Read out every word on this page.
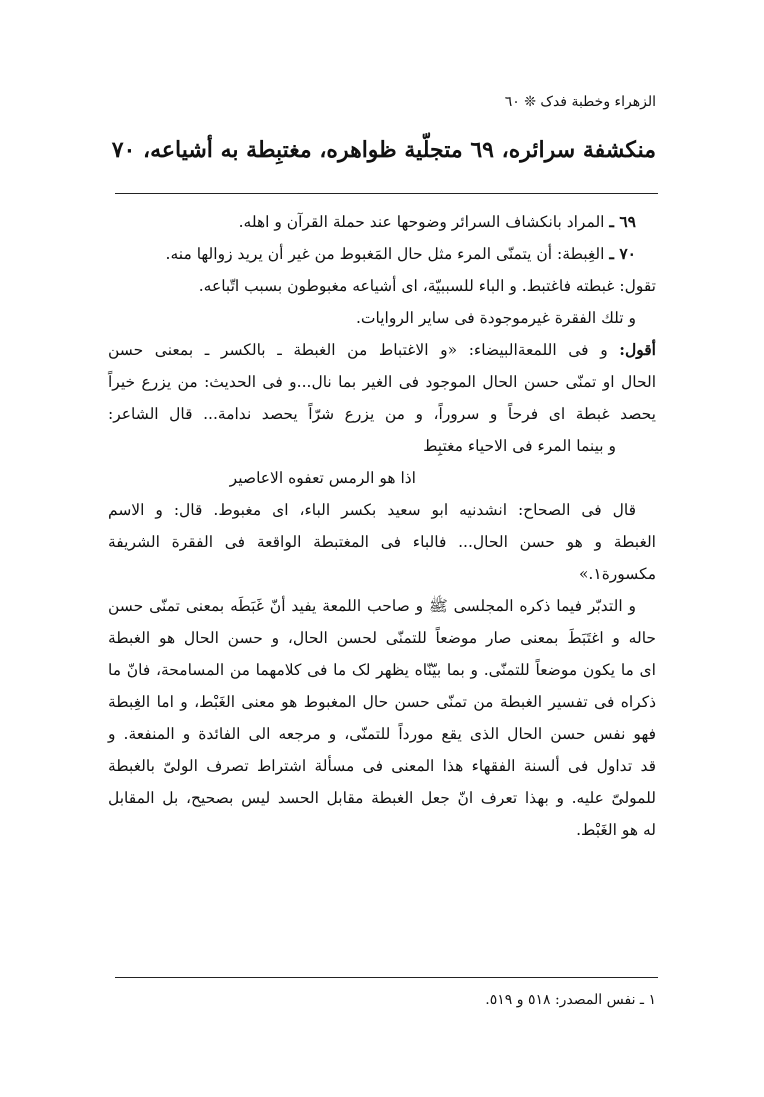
الزهراء وخطبة فدک ❊ ٦٠
منكشفة سرائره، ٦٩ متجلّية ظواهره، مغتبِطة به أشياعه، ٧٠

٦٩ ـ المراد بانكشاف السرائر وضوحها عند حملة القرآن و اهله.

٧٠ ـ الغِبطة: أن يتمنّى المرء مثل حال المَغبوط من غير أن يريد زوالها منه.

تقول: غبطته فاغتبط. و الباء للسببيّة، اى أشياعه مغبوطون بسبب اتّباعه.

و تلك الفقرة غيرموجودة فى ساير الروايات.

أقول: و فى اللمعةالبيضاء: «و الاغتباط من الغبطة ـ بالكسر ـ بمعنى حسن

الحال او تمنّى حسن الحال الموجود فى الغير بما نال...و فى الحديث: من يزرع خيراً

يحصد غبطة اى فرحاً و سروراً، و من يزرع شرّاً يحصد ندامة... قال الشاعر:

و بينما المرء فى الاحياء مغتبِط

اذا هو الرمس تعفوه الاعاصير

قال فى الصحاح: انشدنيه ابو سعيد بكسر الباء، اى مغبوط. قال: و الاسم

الغبطة و هو حسن الحال... فالباء فى المغتبطة الواقعة فى الفقرة الشريفة

مكسورة١.»

و التدبّر فيما ذكره المجلسى ﷺ و صاحب اللمعة يفيد أنّ غَبَطَه بمعنى تمنّى حسن

حاله و اغتَبَطَ بمعنى صار موضعاً للتمنّى لحسن الحال، و حسن الحال هو الغبطة

اى ما يكون موضعاً للتمنّى. و بما بيّنّاه يظهر لک ما فى كلامهما من المسامحة، فانّ ما

ذكراه فى تفسير الغبطة من تمنّى حسن حال المغبوط هو معنى الغَبْط، و اما الغِبطة

فهو نفس حسن الحال الذى يقع مورداً للتمنّى، و مرجعه الى الفائدة و المنفعة. و

قد تداول فى ألسنة الفقهاء هذا المعنى فى مسألة اشتراط تصرف الولىّ بالغبطة

للمولىّ عليه. و بهذا تعرف انّ جعل الغبطة مقابل الحسد ليس بصحيح، بل المقابل

له هو الغَبْط.

١ ـ نفس المصدر: ٥١٨ و ٥١٩.
